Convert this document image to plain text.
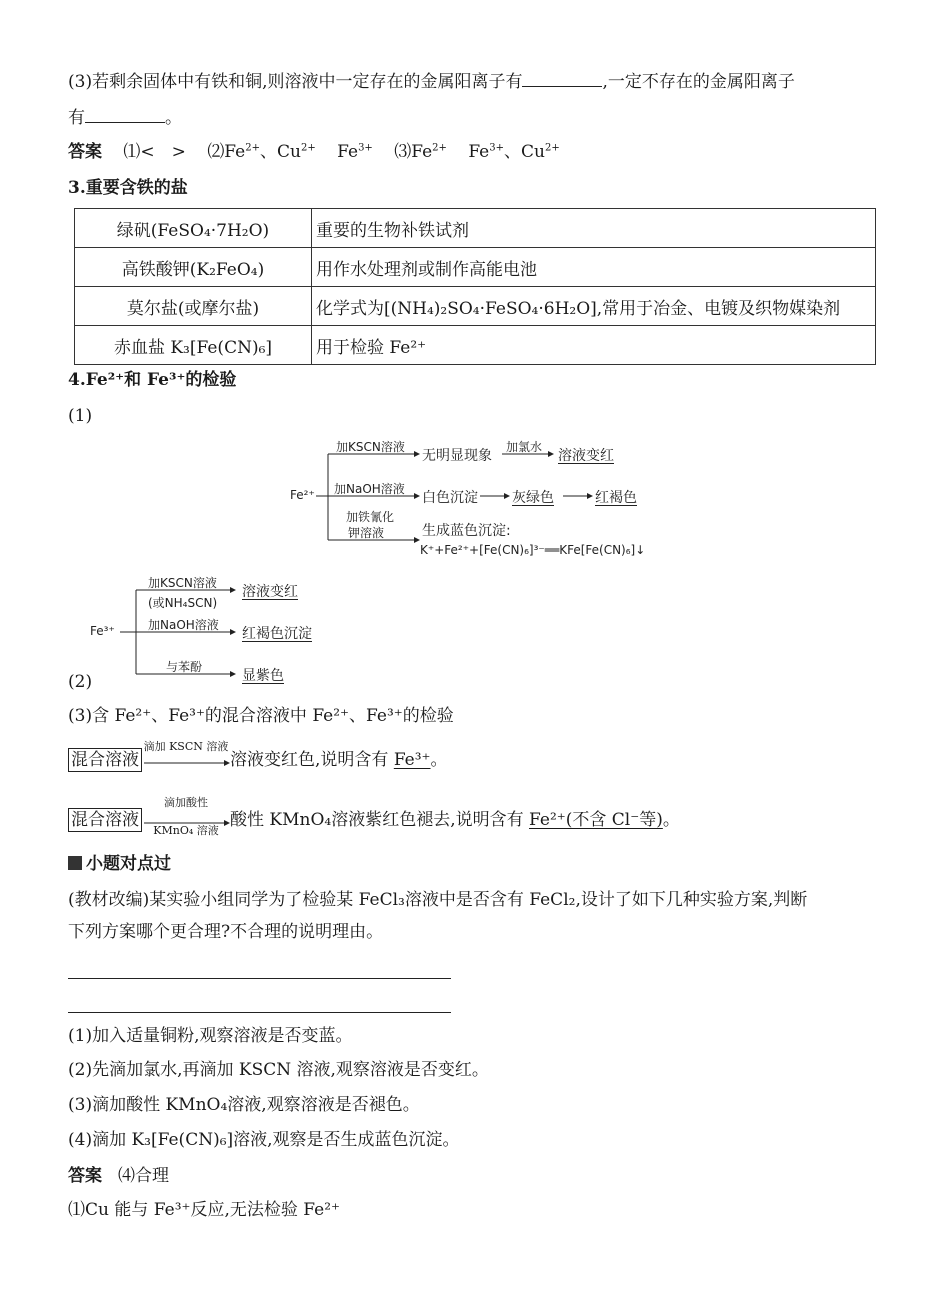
(3)若剩余固体中有铁和铜,则溶液中一定存在的金属阳离子有	,一定不存在的金属阳离子
有	。
答案 ⑴<　> $⑵Fe^{2+}$、$Cu^{2+}$ $Fe^{3+}$ $⑶Fe^{2+}$ $Fe^{3+}$、$Cu^{2+}$
3.重要含铁的盐
绿矾(FeSO₄·7H₂O)	重要的生物补铁试剂
高铁酸钾(K₂FeO₄)	用作水处理剂或制作高能电池
莫尔盐(或摩尔盐)	化学式为[(NH₄)₂SO₄·FeSO₄·6H₂O],常用于冶金、电镀及织物媒染剂
赤血盐 K₃[Fe(CN)₆]	用于检验 Fe²⁺
4.Fe²⁺和 Fe³⁺的检验
(1)
Fe²⁺
加KSCN溶液
无明显现象
加氯水
溶液变红
加NaOH溶液
白色沉淀 灰绿色	红褐色
加铁氰化
钾溶液	生成蓝色沉淀:
K⁺+Fe²⁺+[Fe(CN)₆]³⁻══KFe[Fe(CN)₆]↓
Fe³⁺
加KSCN溶液
(或NH₄SCN)
溶液变红
加NaOH溶液
红褐色沉淀
与苯酚
显紫色
(2)
(3)含 Fe²⁺、Fe³⁺的混合溶液中 Fe²⁺、Fe³⁺的检验
混合溶液
滴加 KSCN 溶液
溶液变红色,说明含有 Fe³⁺。
混合溶液
滴加酸性
KMnO₄ 溶液 酸性 KMnO₄溶液紫红色褪去,说明含有 Fe²⁺(不含 Cl⁻等)。
小题对点过
(教材改编)某实验小组同学为了检验某 FeCl₃溶液中是否含有 FeCl₂,设计了如下几种实验方案,判断
下列方案哪个更合理?不合理的说明理由。
(1)加入适量铜粉,观察溶液是否变蓝。
(2)先滴加氯水,再滴加 KSCN 溶液,观察溶液是否变红。
(3)滴加酸性 KMnO₄溶液,观察溶液是否褪色。
(4)滴加 K₃[Fe(CN)₆]溶液,观察是否生成蓝色沉淀。
答案 ⑷合理
⑴Cu 能与 Fe³⁺反应,无法检验 Fe²⁺
